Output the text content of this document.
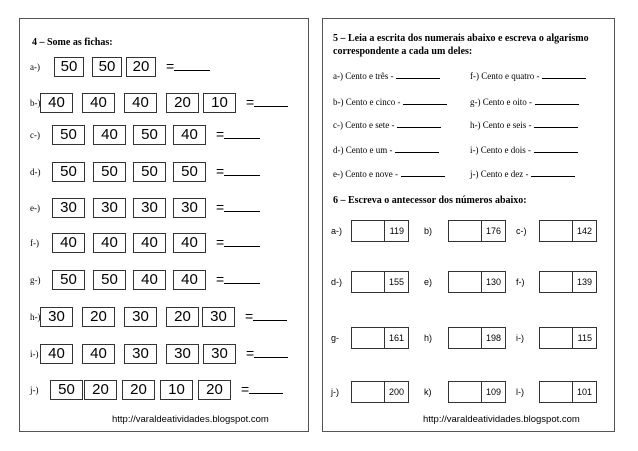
4 – Some as fichas:
a-)	50	50	20	=
b-) 40	40	40	20	10	=
c-)	50	40	50	40	=
d-)	50	50	50	50	=
e-)	30	30	30	30	=
f-)	40	40	40	40	=
g-)	50	50	40	40	=
h-) 30	20	30	20	30	=
i-) 40	40	30	30	30	=
j-)	50	20	20	10	20	=
http://varaldeatividades.blogspot.com
5 – Leia a escrita dos numerais abaixo e escreva o algarismo
correspondente a cada um deles:
a-) Cento e três -	f-) Cento e quatro -
b-) Cento e cinco -	g-) Cento e oito -
c-) Cento e sete -	h-) Cento e seis -
d-) Cento e um -	i-) Cento e dois -
e-) Cento e nove -	j-) Cento e dez -
6 – Escreva o antecessor dos números abaixo:
a-)	119 b)	176 c-)	142
d-)	155 e)	130 f-)	139
g-	161 h)	198 i-)	115
j-)	200 k)	109 l-)	101
http://varaldeatividades.blogspot.com
